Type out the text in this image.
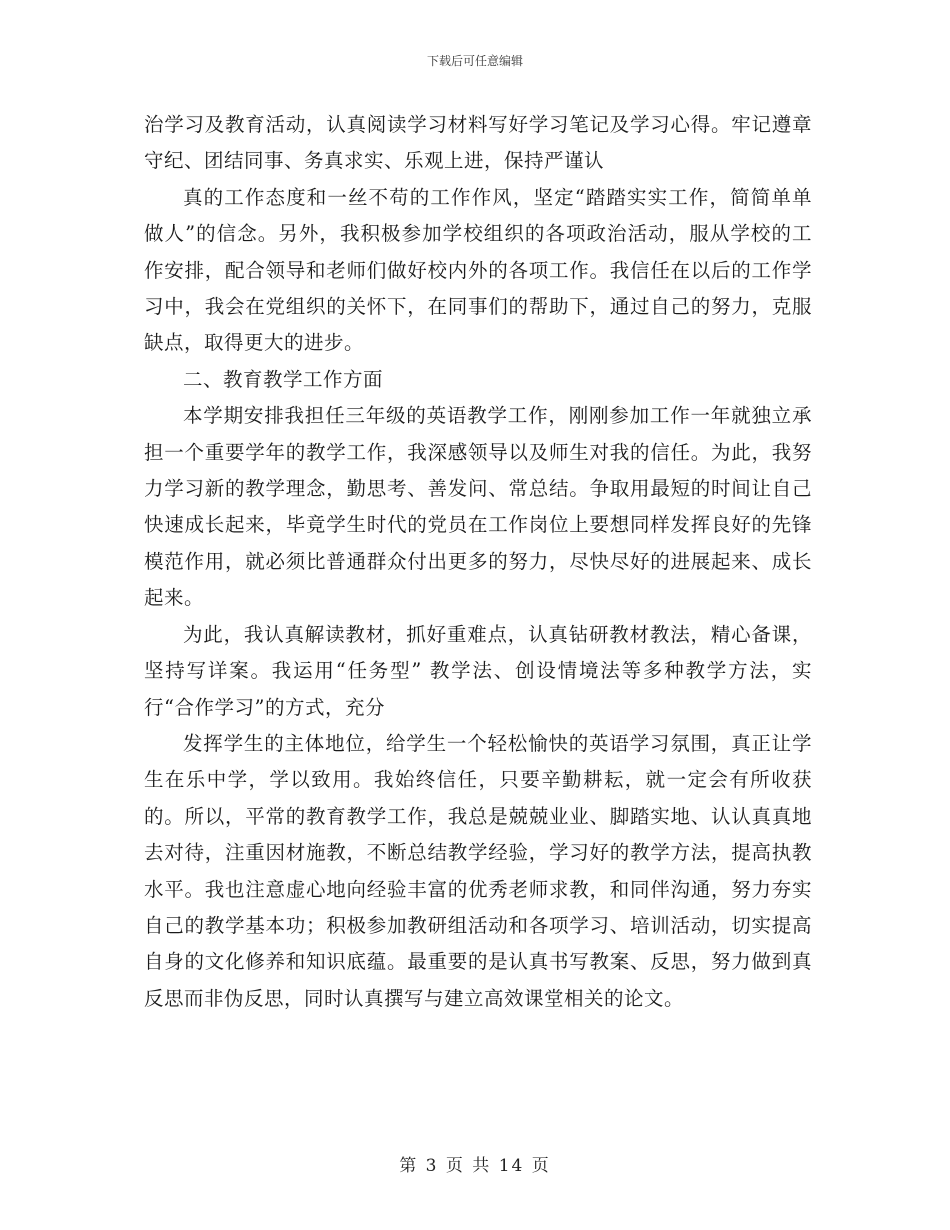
下载后可任意编辑

治学习及教育活动，认真阅读学习材料写好学习笔记及学习心得。牢记遵章守纪、团结同事、务真求实、乐观上进，保持严谨认

真的工作态度和一丝不苟的工作作风，坚定“踏踏实实工作，简简单单做人”的信念。另外，我积极参加学校组织的各项政治活动，服从学校的工作安排，配合领导和老师们做好校内外的各项工作。我信任在以后的工作学习中，我会在党组织的关怀下，在同事们的帮助下，通过自己的努力，克服缺点，取得更大的进步。

二、教育教学工作方面

本学期安排我担任三年级的英语教学工作，刚刚参加工作一年就独立承担一个重要学年的教学工作，我深感领导以及师生对我的信任。为此，我努力学习新的教学理念，勤思考、善发问、常总结。争取用最短的时间让自己快速成长起来，毕竟学生时代的党员在工作岗位上要想同样发挥良好的先锋模范作用，就必须比普通群众付出更多的努力，尽快尽好的进展起来、成长起来。

为此，我认真解读教材，抓好重难点，认真钻研教材教法，精心备课，坚持写详案。我运用“任务型” 教学法、创设情境法等多种教学方法，实行“合作学习”的方式，充分

发挥学生的主体地位，给学生一个轻松愉快的英语学习氛围，真正让学生在乐中学，学以致用。我始终信任，只要辛勤耕耘，就一定会有所收获的。所以，平常的教育教学工作，我总是兢兢业业、脚踏实地、认认真真地去对待，注重因材施教，不断总结教学经验，学习好的教学方法，提高执教水平。我也注意虚心地向经验丰富的优秀老师求教，和同伴沟通，努力夯实自己的教学基本功；积极参加教研组活动和各项学习、培训活动，切实提高自身的文化修养和知识底蕴。最重要的是认真书写教案、反思，努力做到真反思而非伪反思，同时认真撰写与建立高效课堂相关的论文。

第 3 页 共 14 页
